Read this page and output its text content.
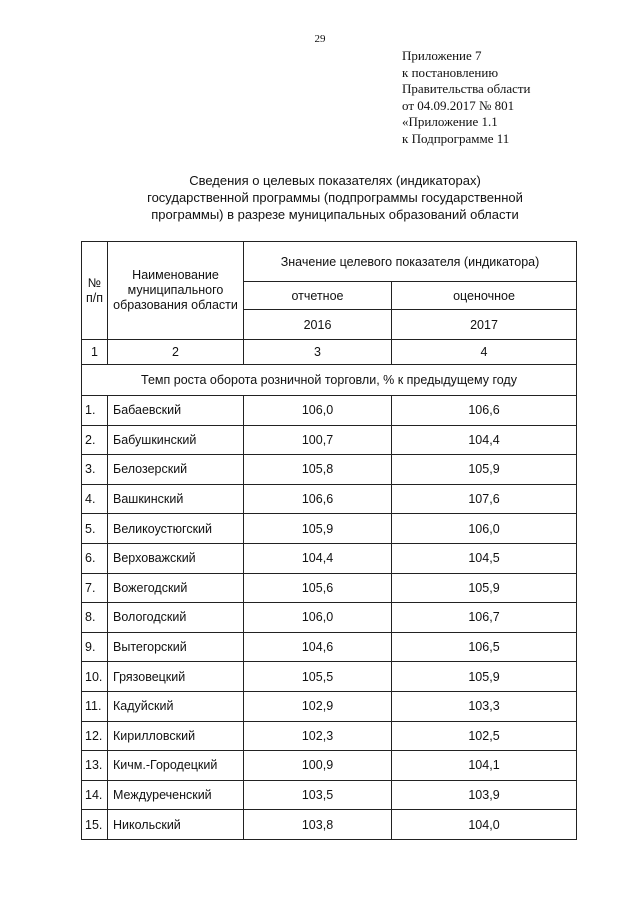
29
Приложение 7
к постановлению
Правительства области
от 04.09.2017 № 801
«Приложение 1.1
к Подпрограмме 11
Сведения о целевых показателях (индикаторах)
государственной программы (подпрограммы государственной
программы) в разрезе муниципальных образований области
№ п/п	Наименование муниципального образования области	Значение целевого показателя (индикатора)	
		отчетное	оценочное
		2016	2017
1	2	3	4
Темп роста оборота розничной торговли, % к предыдущему году			
1.	Бабаевский	106,0	106,6
2.	Бабушкинский	100,7	104,4
3.	Белозерский	105,8	105,9
4.	Вашкинский	106,6	107,6
5.	Великоустюгский	105,9	106,0
6.	Верховажский	104,4	104,5
7.	Вожегодский	105,6	105,9
8.	Вологодский	106,0	106,7
9.	Вытегорский	104,6	106,5
10.	Грязовецкий	105,5	105,9
11.	Кадуйский	102,9	103,3
12.	Кирилловский	102,3	102,5
13.	Кичм.-Городецкий	100,9	104,1
14.	Междуреченский	103,5	103,9
15.	Никольский	103,8	104,0
